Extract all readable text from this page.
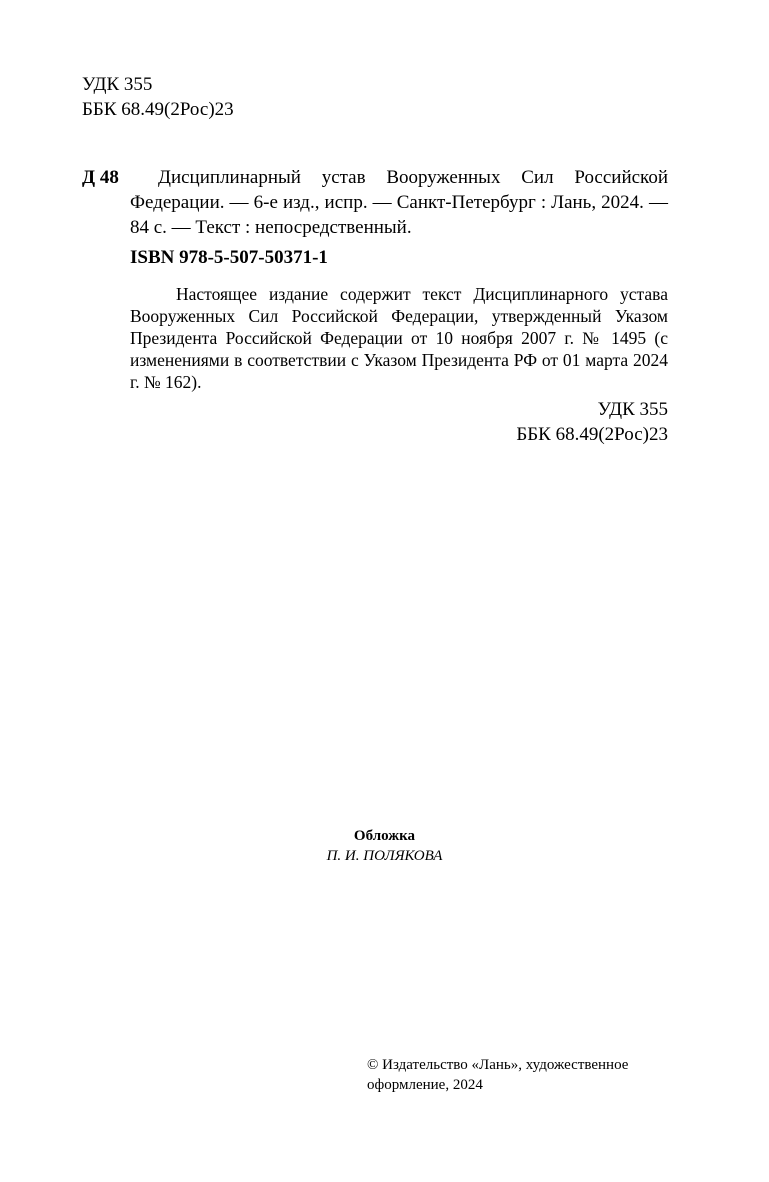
УДК 355
ББК 68.49(2Рос)23
Д 48	Дисциплинарный устав Вооруженных Сил Российской Федерации. — 6-е изд., испр. — Санкт-Петербург : Лань, 2024. — 84 с. — Текст : непосредственный.
ISBN 978-5-507-50371-1
Настоящее издание содержит текст Дисциплинарного устава Вооруженных Сил Российской Федерации, утвержденный Указом Президента Российской Федерации от 10 ноября 2007 г. № 1495 (с изменениями в соответствии с Указом Президента РФ от 01 марта 2024 г. № 162).
УДК 355
ББК 68.49(2Рос)23
Обложка
П. И. ПОЛЯКОВА
© Издательство «Лань», художественное
оформление, 2024
